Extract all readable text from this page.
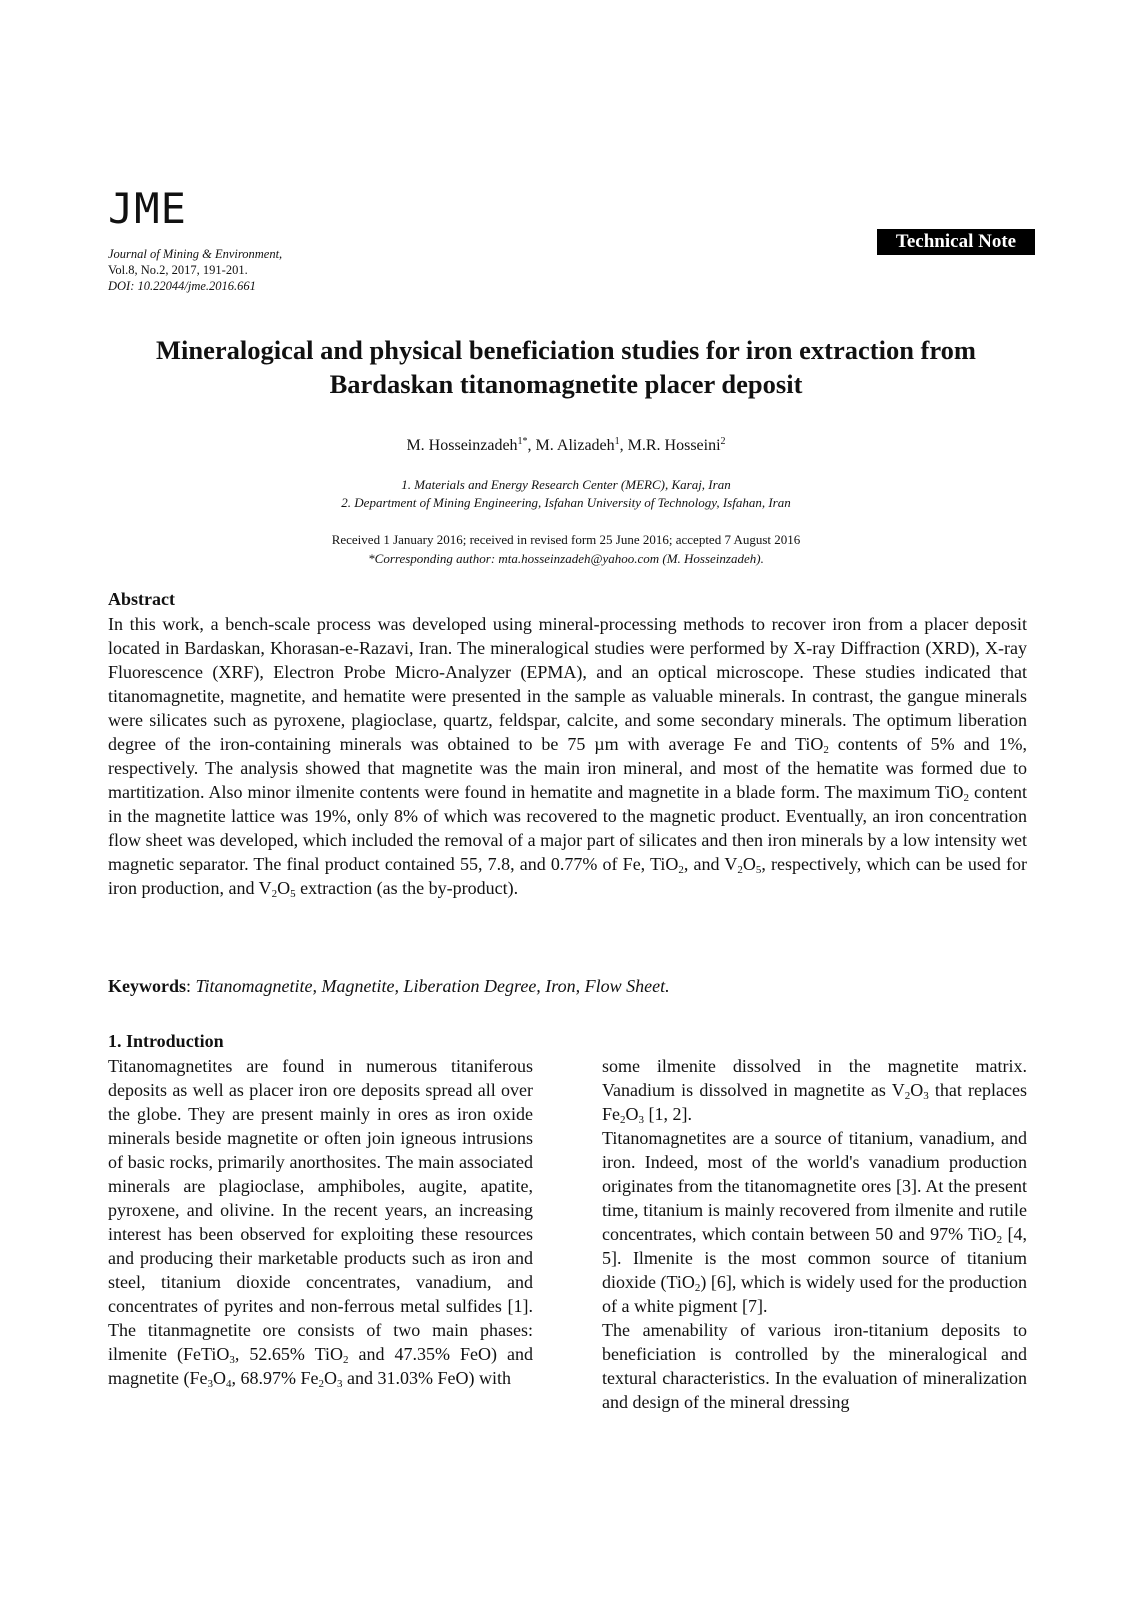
JME
Journal of Mining & Environment,
Vol.8, No.2, 2017, 191-201.
DOI: 10.22044/jme.2016.661
Technical Note
Mineralogical and physical beneficiation studies for iron extraction from
Bardaskan titanomagnetite placer deposit
M. Hosseinzadeh$^{1*}$, M. Alizadeh$^1$, M.R. Hosseini$^2$
1. Materials and Energy Research Center (MERC), Karaj, Iran
2. Department of Mining Engineering, Isfahan University of Technology, Isfahan, Iran
Received 1 January 2016; received in revised form 25 June 2016; accepted 7 August 2016
*Corresponding author: mta.hosseinzadeh@yahoo.com (M. Hosseinzadeh).
Abstract

In this work, a bench-scale process was developed using mineral-processing methods to recover iron from a placer deposit located in Bardaskan, Khorasan-e-Razavi, Iran. The mineralogical studies were performed by X-ray Diffraction (XRD), X-ray Fluorescence (XRF), Electron Probe Micro-Analyzer (EPMA), and an optical microscope. These studies indicated that titanomagnetite, magnetite, and hematite were presented in the sample as valuable minerals. In contrast, the gangue minerals were silicates such as pyroxene, plagioclase, quartz, feldspar, calcite, and some secondary minerals. The optimum liberation degree of the iron-containing minerals was obtained to be 75 µm with average Fe and TiO$_2$ contents of 5% and 1%, respectively. The analysis showed that magnetite was the main iron mineral, and most of the hematite was formed due to martitization. Also minor ilmenite contents were found in hematite and magnetite in a blade form. The maximum TiO$_2$ content in the magnetite lattice was 19%, only 8% of which was recovered to the magnetic product. Eventually, an iron concentration flow sheet was developed, which included the removal of a major part of silicates and then iron minerals by a low intensity wet magnetic separator. The final product contained 55, 7.8, and 0.77% of Fe, TiO$_2$, and $V_2O_5$, respectively, which can be used for iron production, and $V_2O_5$ extraction (as the by-product).

Keywords: Titanomagnetite, Magnetite, Liberation Degree, Iron, Flow Sheet.
1. Introduction

Titanomagnetites are found in numerous titaniferous deposits as well as placer iron ore deposits spread all over the globe. They are present mainly in ores as iron oxide minerals beside magnetite or often join igneous intrusions of basic rocks, primarily anorthosites. The main associated minerals are plagioclase, amphiboles, augite, apatite, pyroxene, and olivine. In the recent years, an increasing interest has been observed for exploiting these resources and producing their marketable products such as iron and steel, titanium dioxide concentrates, vanadium, and concentrates of pyrites and non-ferrous metal sulfides [1]. The titanmagnetite ore consists of two main phases: ilmenite (FeTiO$_3$, 52.65% TiO$_2$ and 47.35% FeO) and magnetite ($Fe_3O_4$, 68.97% $Fe_2O_3$ and 31.03% FeO) with

some ilmenite dissolved in the magnetite matrix. Vanadium is dissolved in magnetite as $V_2O_3$ that replaces $Fe_2O_3$ [1, 2].

Titanomagnetites are a source of titanium, vanadium, and iron. Indeed, most of the world's vanadium production originates from the titanomagnetite ores [3]. At the present time, titanium is mainly recovered from ilmenite and rutile concentrates, which contain between 50 and 97% TiO$_2$ [4, 5]. Ilmenite is the most common source of titanium dioxide (TiO$_2$) [6], which is widely used for the production of a white pigment [7].

The amenability of various iron-titanium deposits to beneficiation is controlled by the mineralogical and textural characteristics. In the evaluation of mineralization and design of the mineral dressing
